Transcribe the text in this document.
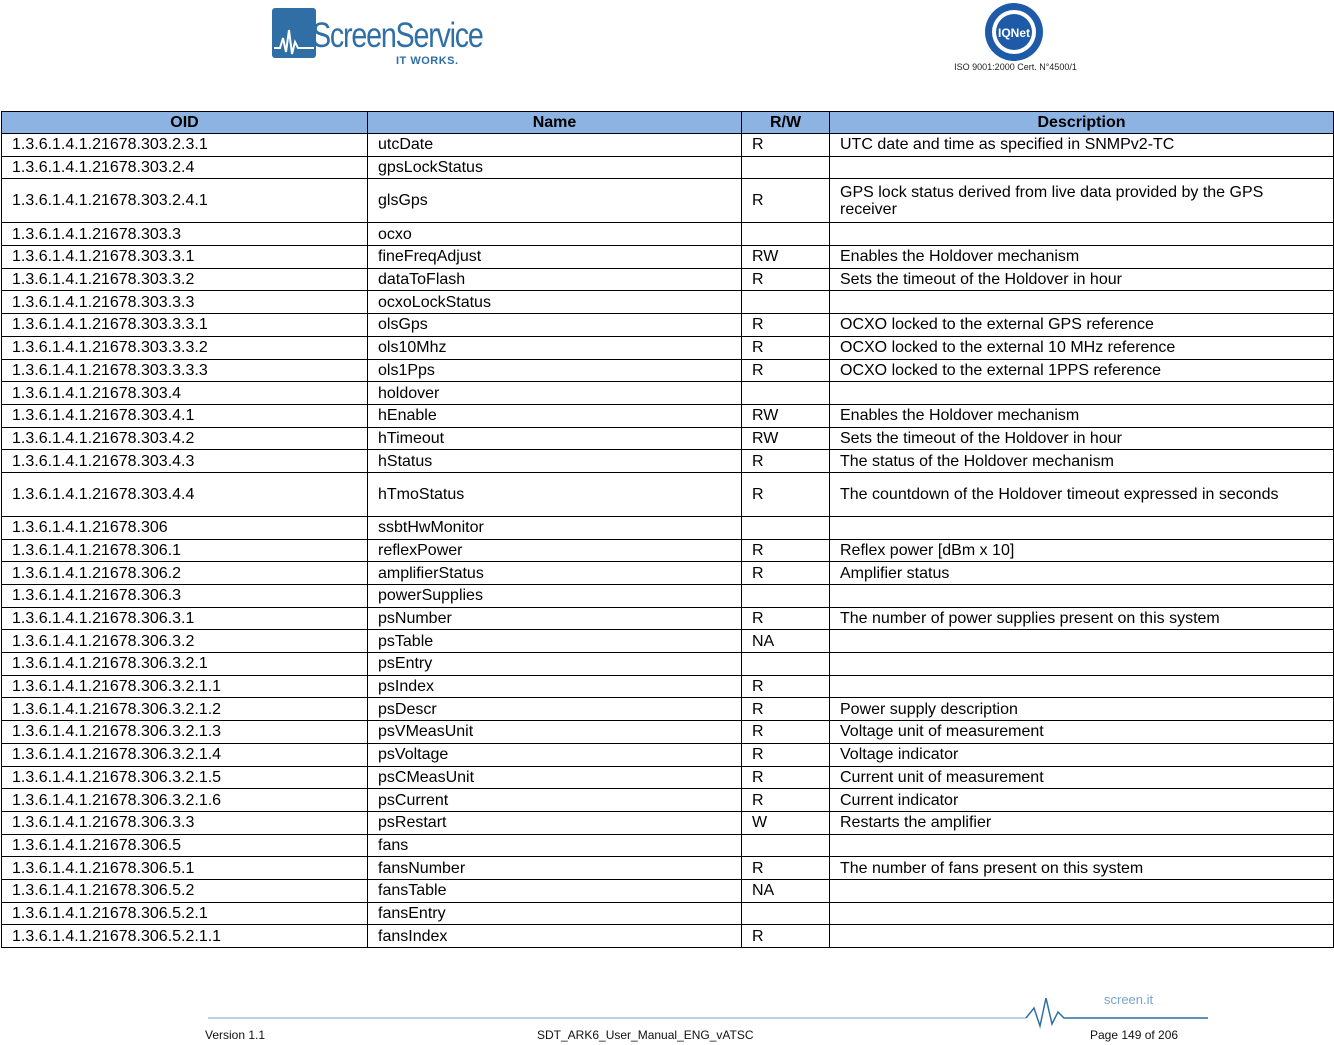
ScreenService
IT WORKS.
IQNet
ISO 9001:2000 Cert. N°4500/1
OID	Name	R/W	Description
1.3.6.1.4.1.21678.303.2.3.1	utcDate	R	UTC date and time as specified in SNMPv2-TC
1.3.6.1.4.1.21678.303.2.4	gpsLockStatus		
1.3.6.1.4.1.21678.303.2.4.1	glsGps	R	GPS lock status derived from live data provided by the GPS receiver
1.3.6.1.4.1.21678.303.3	ocxo		
1.3.6.1.4.1.21678.303.3.1	fineFreqAdjust	RW	Enables the Holdover mechanism
1.3.6.1.4.1.21678.303.3.2	dataToFlash	R	Sets the timeout of the Holdover in hour
1.3.6.1.4.1.21678.303.3.3	ocxoLockStatus		
1.3.6.1.4.1.21678.303.3.3.1	olsGps	R	OCXO locked to the external GPS reference
1.3.6.1.4.1.21678.303.3.3.2	ols10Mhz	R	OCXO locked to the external 10 MHz reference
1.3.6.1.4.1.21678.303.3.3.3	ols1Pps	R	OCXO locked to the external 1PPS reference
1.3.6.1.4.1.21678.303.4	holdover		
1.3.6.1.4.1.21678.303.4.1	hEnable	RW	Enables the Holdover mechanism
1.3.6.1.4.1.21678.303.4.2	hTimeout	RW	Sets the timeout of the Holdover in hour
1.3.6.1.4.1.21678.303.4.3	hStatus	R	The status of the Holdover mechanism
1.3.6.1.4.1.21678.303.4.4	hTmoStatus	R	The countdown of the Holdover timeout expressed in seconds
1.3.6.1.4.1.21678.306	ssbtHwMonitor		
1.3.6.1.4.1.21678.306.1	reflexPower	R	Reflex power [dBm x 10]
1.3.6.1.4.1.21678.306.2	amplifierStatus	R	Amplifier status
1.3.6.1.4.1.21678.306.3	powerSupplies		
1.3.6.1.4.1.21678.306.3.1	psNumber	R	The number of power supplies present on this system
1.3.6.1.4.1.21678.306.3.2	psTable	NA	
1.3.6.1.4.1.21678.306.3.2.1	psEntry		
1.3.6.1.4.1.21678.306.3.2.1.1	psIndex	R	
1.3.6.1.4.1.21678.306.3.2.1.2	psDescr	R	Power supply description
1.3.6.1.4.1.21678.306.3.2.1.3	psVMeasUnit	R	Voltage unit of measurement
1.3.6.1.4.1.21678.306.3.2.1.4	psVoltage	R	Voltage indicator
1.3.6.1.4.1.21678.306.3.2.1.5	psCMeasUnit	R	Current unit of measurement
1.3.6.1.4.1.21678.306.3.2.1.6	psCurrent	R	Current indicator
1.3.6.1.4.1.21678.306.3.3	psRestart	W	Restarts the amplifier
1.3.6.1.4.1.21678.306.5	fans		
1.3.6.1.4.1.21678.306.5.1	fansNumber	R	The number of fans present on this system
1.3.6.1.4.1.21678.306.5.2	fansTable	NA	
1.3.6.1.4.1.21678.306.5.2.1	fansEntry		
1.3.6.1.4.1.21678.306.5.2.1.1	fansIndex	R	
screen.it
Version 1.1	SDT_ARK6_User_Manual_ENG_vATSC	Page 149 of 206
